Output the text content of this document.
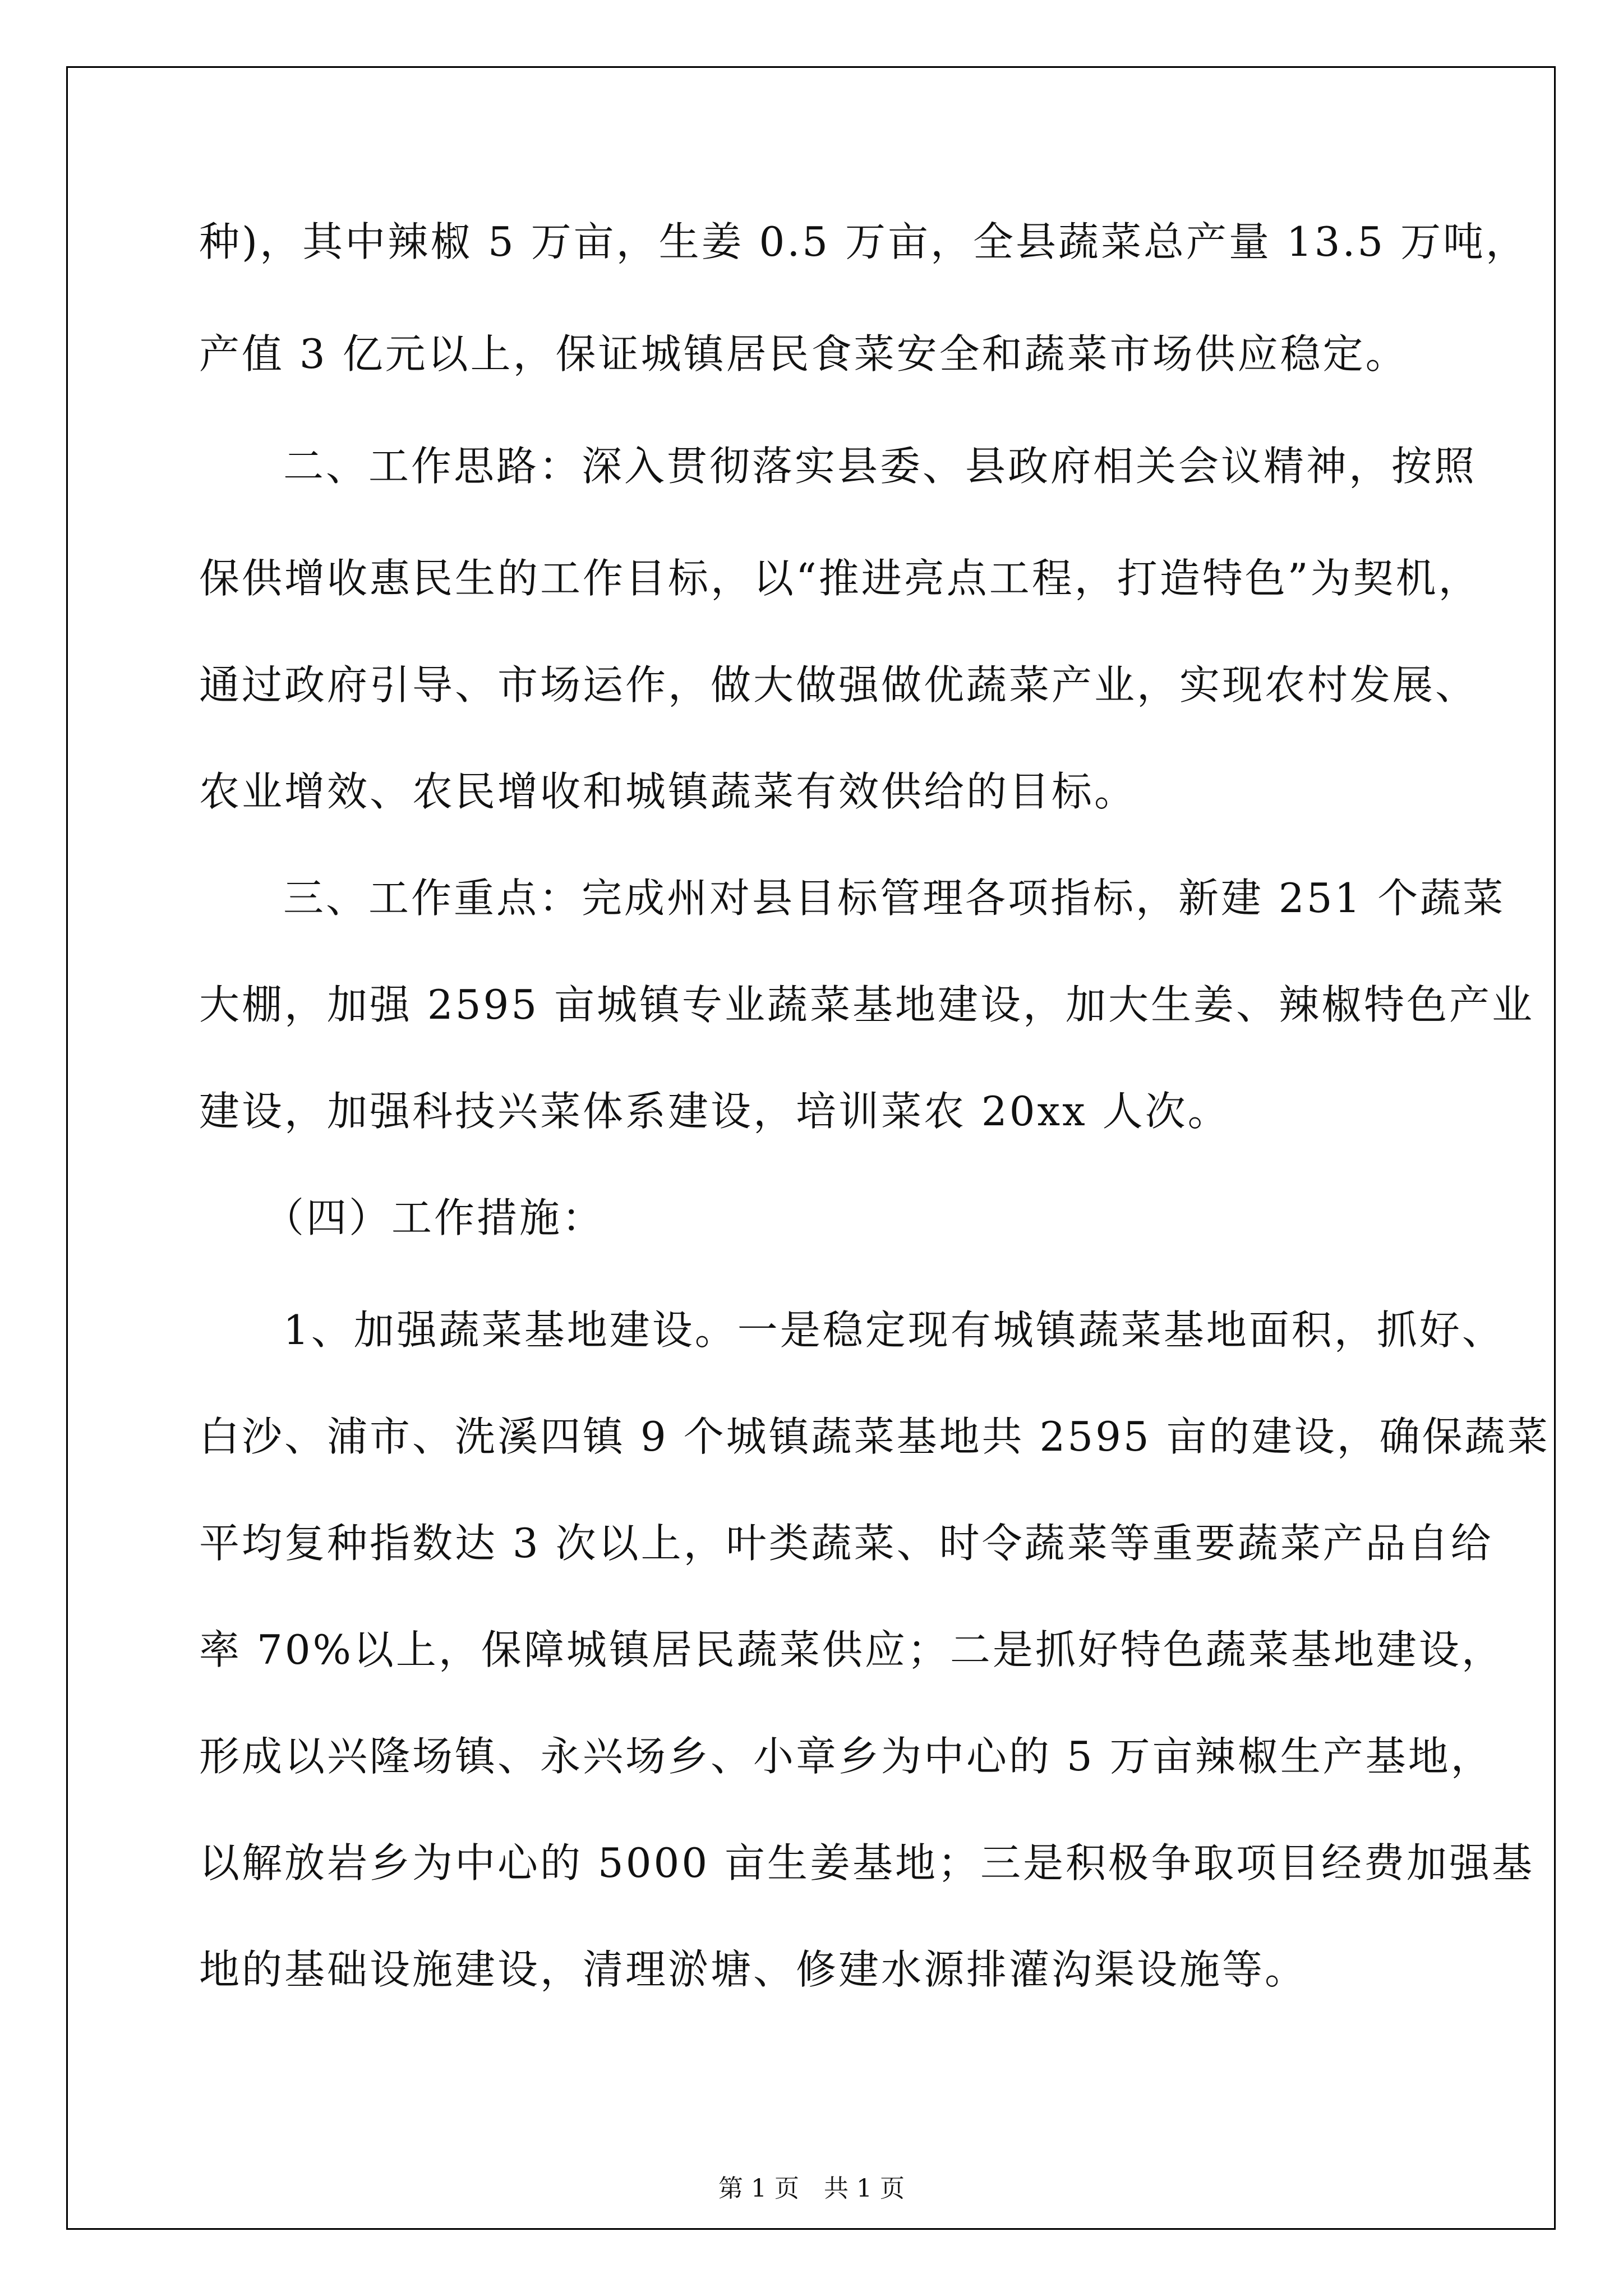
种)，其中辣椒 5 万亩，生姜 0.5 万亩，全县蔬菜总产量 13.5 万吨，
产值 3 亿元以上，保证城镇居民食菜安全和蔬菜市场供应稳定。
二、工作思路：深入贯彻落实县委、县政府相关会议精神，按照
保供增收惠民生的工作目标，以“推进亮点工程，打造特色”为契机，
通过政府引导、市场运作，做大做强做优蔬菜产业，实现农村发展、
农业增效、农民增收和城镇蔬菜有效供给的目标。
三、工作重点：完成州对县目标管理各项指标，新建 251 个蔬菜
大棚，加强 2595 亩城镇专业蔬菜基地建设，加大生姜、辣椒特色产业
建设，加强科技兴菜体系建设，培训菜农 20xx 人次。
（四）工作措施：
1、加强蔬菜基地建设。一是稳定现有城镇蔬菜基地面积，抓好、
白沙、浦市、洗溪四镇 9 个城镇蔬菜基地共 2595 亩的建设，确保蔬菜
平均复种指数达 3 次以上，叶类蔬菜、时令蔬菜等重要蔬菜产品自给
率 70%以上，保障城镇居民蔬菜供应；二是抓好特色蔬菜基地建设，
形成以兴隆场镇、永兴场乡、小章乡为中心的 5 万亩辣椒生产基地，
以解放岩乡为中心的 5000 亩生姜基地；三是积极争取项目经费加强基
地的基础设施建设，清理淤塘、修建水源排灌沟渠设施等。
第 1 页　共 1 页
